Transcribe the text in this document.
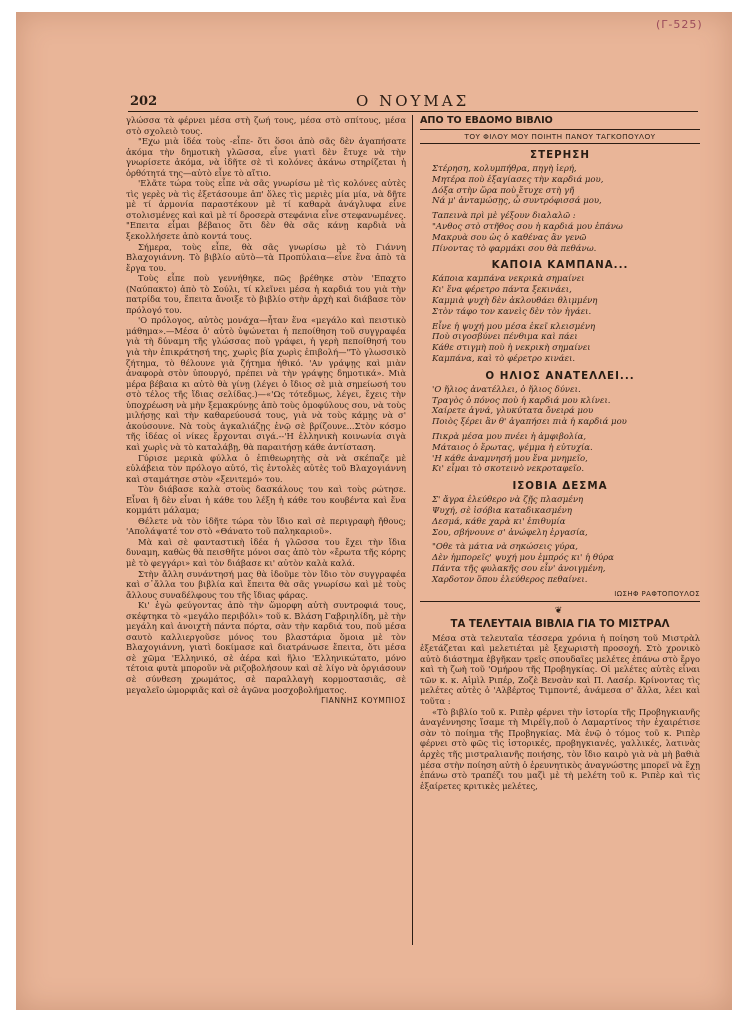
(Γ-525)
202	Ο ΝΟΥΜΑΣ

γλώσσα τὰ φέρνει μέσα στὴ ζωή τους, μέσα στὸ σπίτους, μέσα στὸ σχολειὸ τους.

"Εχω μιὰ ἰδέα τοὺς -εἶπε- ὅτι ὅσοι ἀπὸ σᾶς δὲν ἀγαπήσατε ἀκόμα τὴν δημοτικὴ γλῶσσα, εἶνε γιατὶ δὲν ἔτυχε νὰ τὴν γνωρίσετε ἀκόμα, νὰ ἰδῆτε σὲ τὶ κολόνες ἀκάνω στηρίζεται ἡ ὀρθότητά της—αὐτὸ εἶνε τὸ αἴτιο.

'Ελᾶτε τώρα τοὺς εἶπε νὰ σᾶς γνωρίσω μὲ τὶς κολόνες αὐτὲς τὶς γερὲς νὰ τὶς ἐξετάσουμε ἀπ' ὅλες τὶς μεριὲς μία μία, νὰ δῆτε μὲ τί ἁρμονία παραστέκουν μὲ τί καθαρὰ ἀνάγλυφα εἶνε στολισμένες καὶ καὶ μὲ τί δροσερὰ στεφάνια εἶνε στεφανωμένες. "Επειτα εἶμαι βέβαιος ὅτι δὲν θὰ σᾶς κάνῃ καρδιὰ νὰ ξεκολλήσετε ἀπὸ κοντά τους.

Σήμερα, τοὺς εἶπε, θὰ σᾶς γνωρίσω μὲ τὸ Γιάννη Βλαχογιάννη. Τὸ βιβλίο αὐτὸ—τὰ Προπύλαια—εἶνε ἕνα ἀπὸ τὰ ἔργα του.

Τοὺς εἶπε ποὺ γεννήθηκε, πῶς βρέθηκε στὸν 'Επαχτο (Ναύπακτο) ἀπὸ τὸ Σούλι, τί κλεῖνει μέσα ἡ καρδιά του γιὰ τὴν πατρίδα του, ἔπειτα ἄνοιξε τὸ βιβλίο στὴν ἀρχὴ καὶ διάβασε τὸν πρόλογό του.

'Ο πρόλογος, αὐτὸς μονάχα—ἦταν ἕνα «μεγάλο καὶ πειστικὸ μάθημα».—Μέσα ὁ' αὐτὸ ὑψώνεται ἡ πεποίθηση τοῦ συγγραφέα γιὰ τὴ δύναμη τῆς γλώσσας ποὺ γράφει, ἡ γερὴ πεποίθησή του γιὰ τὴν ἐπικράτησή της, χωρὶς βία χωρὶς ἐπιβολή—"Τὸ γλωσσικὸ ζήτημα, τὸ θέλουνε γιὰ ζήτημα ἠθικό. 'Αν γράψῃς καὶ μιὰν ἀναφορὰ στὸν ὑπουργό, πρέπει νὰ τὴν γράψῃς δημοτικά». Μιὰ μέρα βέβαια κι αὐτὸ θὰ γίνῃ (λέγει ὁ ἴδιος σὲ μιὰ σημείωσή του στὸ τέλος τῆς ἴδιας σελίδας.)—«'Ως τότεδμως, λέγει, ἔχεις τὴν ὑποχρέωση νὰ μὴν ξεμακρύνῃς ἀπὸ τοὺς ὁμοφύλους σου, νὰ τοὺς μιλήσῃς καὶ τὴν καθαρεύουσά τους, γιὰ νὰ τοὺς κάμῃς νὰ σ' ἀκούσουνε. Νὰ τοὺς ἀγκαλιάζῃς ἐνῷ σὲ βρίζουνε...Στὸν κόσμο τῆς ἰδέας οἱ νίκες ἔρχονται σιγά.--'Η ἑλληνικὴ κοινωνία σιγὰ καὶ χωρὶς νὰ τὸ καταλάβῃ, θὰ παραιτήσῃ κάθε ἀντίσταση.

Γύρισε μερικὰ φύλλα ὁ ἐπιθεωρητὴς σὰ νὰ σκέπαζε μὲ εὐλάβεια τὸν πρόλογο αὐτό, τὶς ἐντολὲς αὐτὲς τοῦ Βλαχογιάννη καὶ σταμάτησε στὸν «ξενιτεμό» του.

Τὸν διάβασε καλὰ στοὺς δασκάλους του καὶ τοὺς ρώτησε. Εἶναι ἢ δὲν εἶναι ἡ κάθε του λέξη ἡ κάθε του κουβέντα καὶ ἕνα κομμάτι μάλαμα;

Θέλετε νὰ τὸν ἰδῆτε τώρα τὸν ἴδιο καὶ σὲ περιγραφὴ ἤθους; 'Απολάψατέ τον στὸ «Θάνατο τοῦ παληκαριοῦ».

Μὰ καὶ σὲ φανταστικὴ ἰδέα ἡ γλῶσσα του ἔχει τὴν ἴδια δυναμη, καθὼς θὰ πεισθῆτε μόνοι σας ἀπὸ τὸν «ἔρωτα τῆς κόρης μὲ τὸ φεγγάρι» καὶ τὸν διάβασε κι' αὐτὸν καλὰ καλά.

Στὴν ἄλλη συνάντησή μας θὰ ἰδοῦμε τὸν ἴδιο τὸν συγγραφέα καὶ σ᾽ἄλλα του βιβλία καὶ ἔπειτα θὰ σᾶς γνωρίσω καὶ μὲ τοὺς ἄλλους συναδέλφους του τῆς ἴδιας φάρας.

Κι' ἐγὼ φεύγοντας ἀπὸ τὴν ὥμορφη αὐτὴ συντροφιά τους, σκέφτηκα τὸ «μεγάλο περιβόλι» τοῦ κ. Βλάση Γαβριηλίδη, μὲ τὴν μεγάλη καὶ ἀνοιχτὴ πάντα πόρτα, σὰν τὴν καρδιά του, ποῦ μέσα σαυτὸ καλλιεργοῦσε μόνος του βλαστάρια ὅμοια μὲ τὸν Βλαχογιάννη, γιατὶ δοκίμασε καὶ διατράνωσε ἔπειτα, ὅτι μέσα σὲ χῶμα 'Ελληνικό, σὲ ἀέρα καὶ ἥλιο 'Ελληνικώτατο, μόνο τέτοια φυτὰ μποροῦν νὰ ριζοβολήσουν καὶ σὲ λίγο νὰ ὀργιάσουν σὲ σύνθεση χρωμάτος, σὲ παραλλαγὴ κορμοστασιᾶς, σὲ μεγαλεῖο ὠμορφιᾶς καὶ σὲ ἀγῶνα μοσχοβολήματος.

ΓΙΑΝΝΗΣ ΚΟΥΜΠΙΟΣ
ΑΠΟ ΤΟ ΕΒΔΟΜΟ ΒΙΒΛΙΟ
ΤΟΥ ΦΙΛΟΥ ΜΟΥ ΠΟΙΗΤΗ ΠΑΝΟΥ ΤΑΓΚΟΠΟΥΛΟΥ
ΣΤΕΡΗΣΗ
Στέρηση, κολυμπήθρα, πηγὴ ἱερή,
Μητέρα ποὺ ἐξαγίασες τὴν καρδιά μου,
Δόξα στὴν ὥρα ποὺ ἔτυχε στὴ γῆ
Νά μ' ἀνταμώσῃς, ὦ συντρόφισσά μου,
Ταπεινὰ πρὶ μὲ γέξουν διαλαλῶ :
"Ανθος στὸ στῆθος σου ἡ καρδιά μου ἐπάνω
Μακρυὰ σου ὡς ὁ καθένας ἂν γενῶ
Πίνοντας τὸ φαρμάκι σου θὰ πεθάνω.
ΚΑΠΟΙΑ ΚΑΜΠΑΝΑ...
Κάποια καμπάνα νεκρικὰ σημαίνει
Κι' ἕνα φέρετρο πάντα ξεκινάει,
Καμμιὰ ψυχὴ δὲν ἀκλουθάει θλιμμένη
Στὸν τάφο τον κανεὶς δὲν τὸν ἠγάει.
Εἶνε ἡ ψυχή μου μέσα ἐκεῖ κλεισμένη
Ποὺ σιγοσβύνει πένθιμα καὶ πάει
Κάθε στιγμὴ ποὺ ἡ νεκρικὴ σημαίνει
Καμπάνα, καὶ τὸ φέρετρο κινάει.
Ο ΗΛΙΟΣ ΑΝΑΤΕΛΛΕΙ...
'Ο ἥλιος ἀνατέλλει, ὁ ἥλιος δύνει.
Τραγὸς ὁ πόνος ποὺ ἡ καρδιά μου κλίνει.
Χαίρετε ἁγνά, γλυκύτατα ὄνειρά μου
Ποιὸς ξέρει ἂν θ' ἀγαπήσει πιὰ ἡ καρδιά μου
Πικρὰ μέσα μου πνέει ἡ ἀμφιβολία,
Μάταιος ὁ ἔρωτας, ψέμμα ἡ εὐτυχία.
'Η κάθε ἀναμνησή μου ἕνα μνημεῖο,
Κι' εἶμαι τὸ σκοτεινὸ νεκροταφεῖο.
ΙΣΟΒΙΑ ΔΕΣΜΑ
Σ' ἄγρα ἐλεύθερο νὰ ζῇς πλασμένη
Ψυχή, σὲ ἰσόβια καταδικασμένη
Δεσμά, κάθε χαρὰ κι' ἐπιθυμία
Σου, σβήνουνε σ' ἀνώφελη ἐργασία,
"Οθε τὰ μάτια νὰ σηκώσεις γύρα,
Δὲν ἠμπορεῖς' ψυχή μου ἐμπρός κι' ἡ θύρα
Πάντα τῆς φυλακῆς σου εἶν' ἀνοιγμένη,
Χαρδοτον ὅπου ἐλεύθερος πεθαίνει.
ΙΩΣΗΦ ΡΑΦΤΟΠΟΥΛΟΣ
❦
ΤΑ ΤΕΛΕΥΤΑΙΑ ΒΙΒΛΙΑ ΓΙΑ ΤΟ ΜΙΣΤΡΑΛ

Μέσα στὰ τελευταῖα τέσσερα χρόνια ἡ ποίηση τοῦ Μιστρὰλ ἐξετάζεται καὶ μελετιέται μὲ ξεχωριστὴ προσοχή. Στὸ χρονικὸ αὐτὸ διάστημα ἐβγῆκαν τρεῖς σπουδαῖες μελέτες ἐπάνω στὸ ἔργο καὶ τὴ ζωὴ τοῦ 'Ομήρου τῆς Προβηγκίας. Οἱ μελέτες αὐτὲς εἶναι τῶν κ. κ. Αἰμὶλ Ριπέρ, Ζοζὲ Βενσὰν καὶ Π. Λασέρ. Κρίνοντας τὶς μελέτες αὐτὲς ὁ 'Αλβέρτος Τιμποντέ, ἀνάμεσα σ' ἄλλα, λέει καὶ τοῦτα :

«Τὸ βιβλίο τοῦ κ. Ριπὲρ φέρνει τὴν ἱστορία τῆς Προβηγκιανῆς ἀναγέννησης ἴσαμε τὴ Μιρέϊγ,ποῦ ὁ Λαμαρτίνος τὴν ἐχαιρέτισε σὰν τὸ ποίημα τῆς Προβηγκίας. Μὰ ἐνῷ ὁ τόμος τοῦ κ. Ριπὲρ φέρνει στὸ φῶς τὶς ἱστορικές, προβηγκιανές, γαλλικές, λατινὰς ἀρχὲς τῆς μιστραλιανῆς ποιήσης, τὸν ἴδιο καιρὸ γιὰ νὰ μὴ βαθιὰ μέσα στὴν ποίηση αὐτὴ ὁ ἐρευνητικὸς ἀναγνώστης μπορεῖ νὰ ἔχῃ ἐπάνω στὸ τραπέζι του μαζὶ μὲ τὴ μελέτη τοῦ κ. Ριπὲρ καὶ τὶς ἐξαίρετες κριτικὲς μελέτες,
